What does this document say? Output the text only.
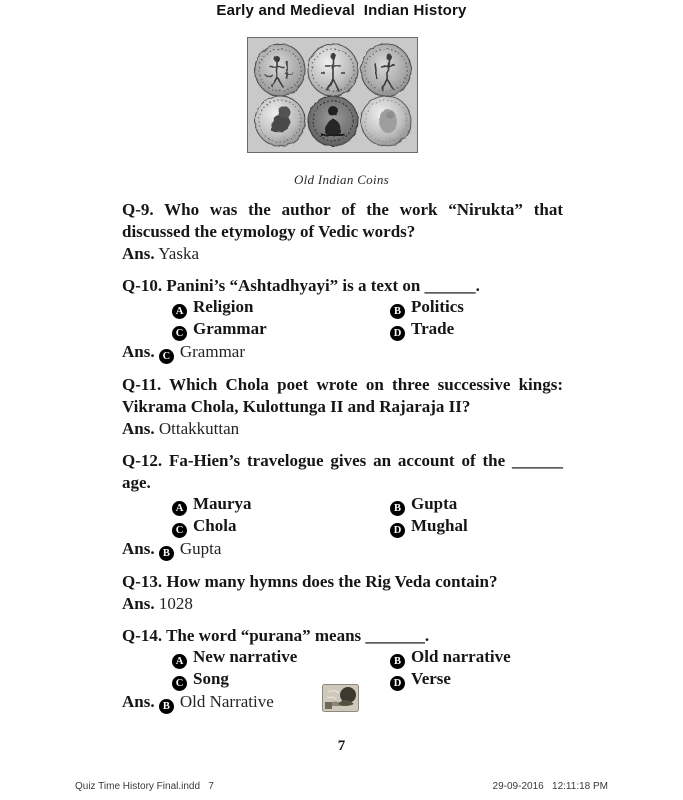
Early and Medieval  Indian History
Old Indian Coins

Q-9. Who was the author of the work “Nirukta” that discussed the etymology of Vedic words?

Ans. Yaska

Q-10. Panini’s “Ashtadhyayi” is a text on ______.

A Religion	B Politics
C Grammar	D Trade

Ans. C Grammar

Q-11. Which Chola poet wrote on three successive kings: Vikrama Chola, Kulottunga II and Rajaraja II?

Ans. Ottakkuttan

Q-12. Fa-Hien’s travelogue gives an account of the ______ age.

A Maurya	B Gupta
C Chola	D Mughal

Ans. B Gupta

Q-13. How many hymns does the Rig Veda contain?

Ans. 1028

Q-14. The word “purana” means _______.

A New narrative	B Old narrative
C Song	D Verse

Ans. B Old Narrative

7
Quiz Time History Final.indd   7	29-09-2016   12:11:18 PM
